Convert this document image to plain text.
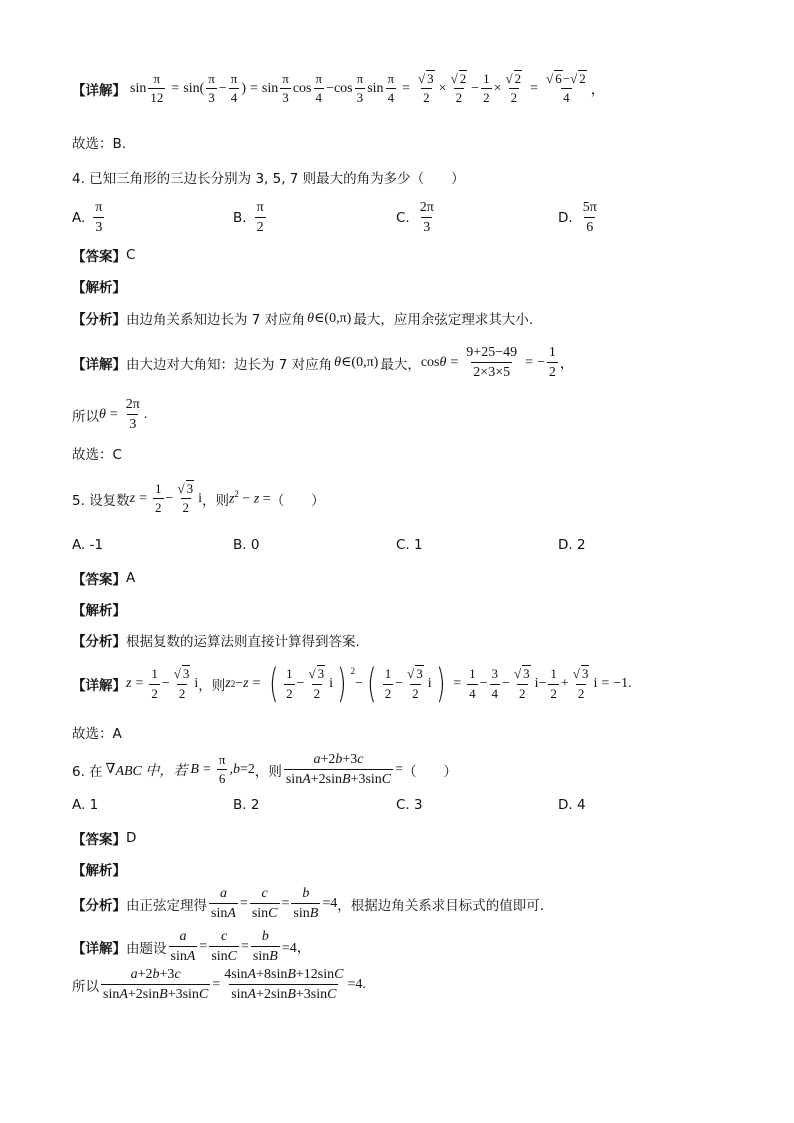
【详解】 $\sin \frac{\pi}{12} = \sin( \frac{\pi}{3} - \frac{\pi}{4}$ ) = $\sin \frac{\pi}{3}$ $\cos \frac{\pi}{4} -\cos \frac{\pi}{3}$ $\sin \frac{\pi}{4} = \frac{√ 3}{2} \times \frac{√ 2}{2} - \frac{1}{2} \times \frac{√ 2}{2} = \frac{√ 6-√ 2}{4}$ ，
故选：B.
4. 已知三角形的三边长分别为 3, 5, 7 则最大的角为多少（　　）
A. $\frac{\pi}{3}$	B. $\frac{\pi}{2}$	C. $\frac{2\pi}{3}$	D. $\frac{5\pi}{6}$
【答案】 C
【解析】
【分析】 由边角关系知边长为 7 对应角 θ∈(0,π) 最大，应用余弦定理求其大小.
【详解】 由大边对大角知：边长为 7 对应角 θ∈(0,π) 最大， $\cos \theta = \frac{9+25-49}{2\times 3\times 5}$ = − $\frac{1}{2}$ ，
所以 $\theta = \frac{2\pi}{3}$ .
故选：C
5. 设复数 $z = \frac{1}{2} - \frac{√ 3}{2}$ i ，则 $z^2 - z$ = （　　）
A. -1	B. 0	C. 1	D. 2
【答案】 A
【解析】
【分析】 根据复数的运算法则直接计算得到答案.
【详解】 $z = \frac{1}{2} - \frac{√ 3}{2}$ i ，则 z 2 − z = ( $\frac{1}{2} - \frac{√ 3}{2}$ i ) $^2$
− ( $\frac{1}{2} - \frac{√ 3}{2}$ i ) = $\frac{1}{4} - \frac{3}{4} - \frac{√ 3}{2} i- \frac{1}{2} + \frac{√ 3}{2}$ i = −1.
故选：A
6. 在 ∇ ABC 中，若 $B = \frac{\pi}{6}$ , b =2 ，则 $\frac{a+2b+3c}{\sin A+2\sin B+3\sin C}$ = （　　）
A. 1	B. 2	C. 3	D. 4
【答案】 D
【解析】
【分析】 由正弦定理得 $\frac{a}{\sin A} = \frac{c}{\sin C} = \frac{b}{\sin B} =4$ ，根据边角关系求目标式的值即可.
【详解】 由题设 $\frac{a}{\sin A} = \frac{c}{\sin C} = \frac{b}{\sin B} =4$，
所以 $\frac{a+2b+3c}{\sin A+2\sin B+3\sin C} = \frac{4\sin A+8\sin B+12\sin C}{\sin A+2\sin B+3\sin C} =4$.
